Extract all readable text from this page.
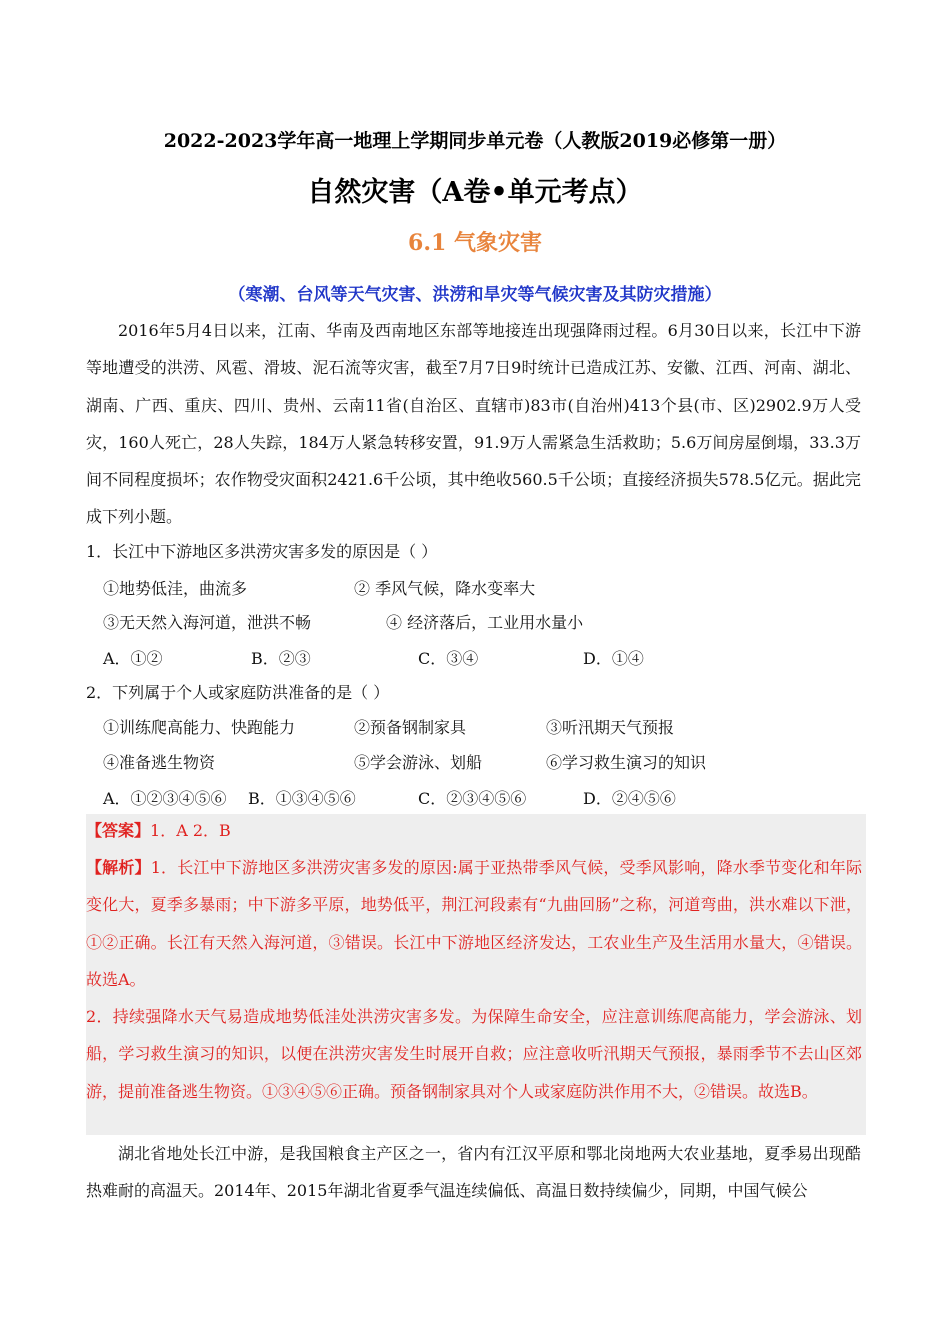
2022-2023学年高一地理上学期同步单元卷（人教版2019必修第一册）
自然灾害（A卷•单元考点）
6.1 气象灾害
（寒潮、台风等天气灾害、洪涝和旱灾等气候灾害及其防灾措施）
2016年5月4日以来，江南、华南及西南地区东部等地接连出现强降雨过程。6月30日以来，长江中下游等地遭受的洪涝、风雹、滑坡、泥石流等灾害，截至7月7日9时统计已造成江苏、安徽、江西、河南、湖北、湖南、广西、重庆、四川、贵州、云南11省(自治区、直辖市)83市(自治州)413个县(市、区)2902.9万人受灾，160人死亡，28人失踪，184万人紧急转移安置，91.9万人需紧急生活救助；5.6万间房屋倒塌，33.3万间不同程度损坏；农作物受灾面积2421.6千公顷，其中绝收560.5千公顷；直接经济损失578.5亿元。据此完成下列小题。
1．长江中下游地区多洪涝灾害多发的原因是（ ）
①地势低洼，曲流多	② 季风气候，降水变率大
③无天然入海河道，泄洪不畅	④ 经济落后，工业用水量小
A．①②	B．②③	C．③④	D．①④
2．下列属于个人或家庭防洪准备的是（ ）
①训练爬高能力、快跑能力	②预备钢制家具	③听汛期天气预报
④准备逃生物资	⑤学会游泳、划船	⑥学习救生演习的知识
A．①②③④⑤⑥ B．①③④⑤⑥	C．②③④⑤⑥	D．②④⑤⑥
【答案】1．A 2．B
【解析】1．长江中下游地区多洪涝灾害多发的原因:属于亚热带季风气候，受季风影响，降水季节变化和年际变化大，夏季多暴雨；中下游多平原，地势低平，荆江河段素有“九曲回肠”之称，河道弯曲，洪水难以下泄，①②正确。长江有天然入海河道，③错误。长江中下游地区经济发达，工农业生产及生活用水量大，④错误。故选A。
2．持续强降水天气易造成地势低洼处洪涝灾害多发。为保障生命安全，应注意训练爬高能力，学会游泳、划船，学习救生演习的知识，以便在洪涝灾害发生时展开自救；应注意收听汛期天气预报，暴雨季节不去山区郊游，提前准备逃生物资。①③④⑤⑥正确。预备钢制家具对个人或家庭防洪作用不大，②错误。故选B。
湖北省地处长江中游，是我国粮食主产区之一，省内有江汉平原和鄂北岗地两大农业基地，夏季易出现酷热难耐的高温天。2014年、2015年湖北省夏季气温连续偏低、高温日数持续偏少，同期，中国气候公
